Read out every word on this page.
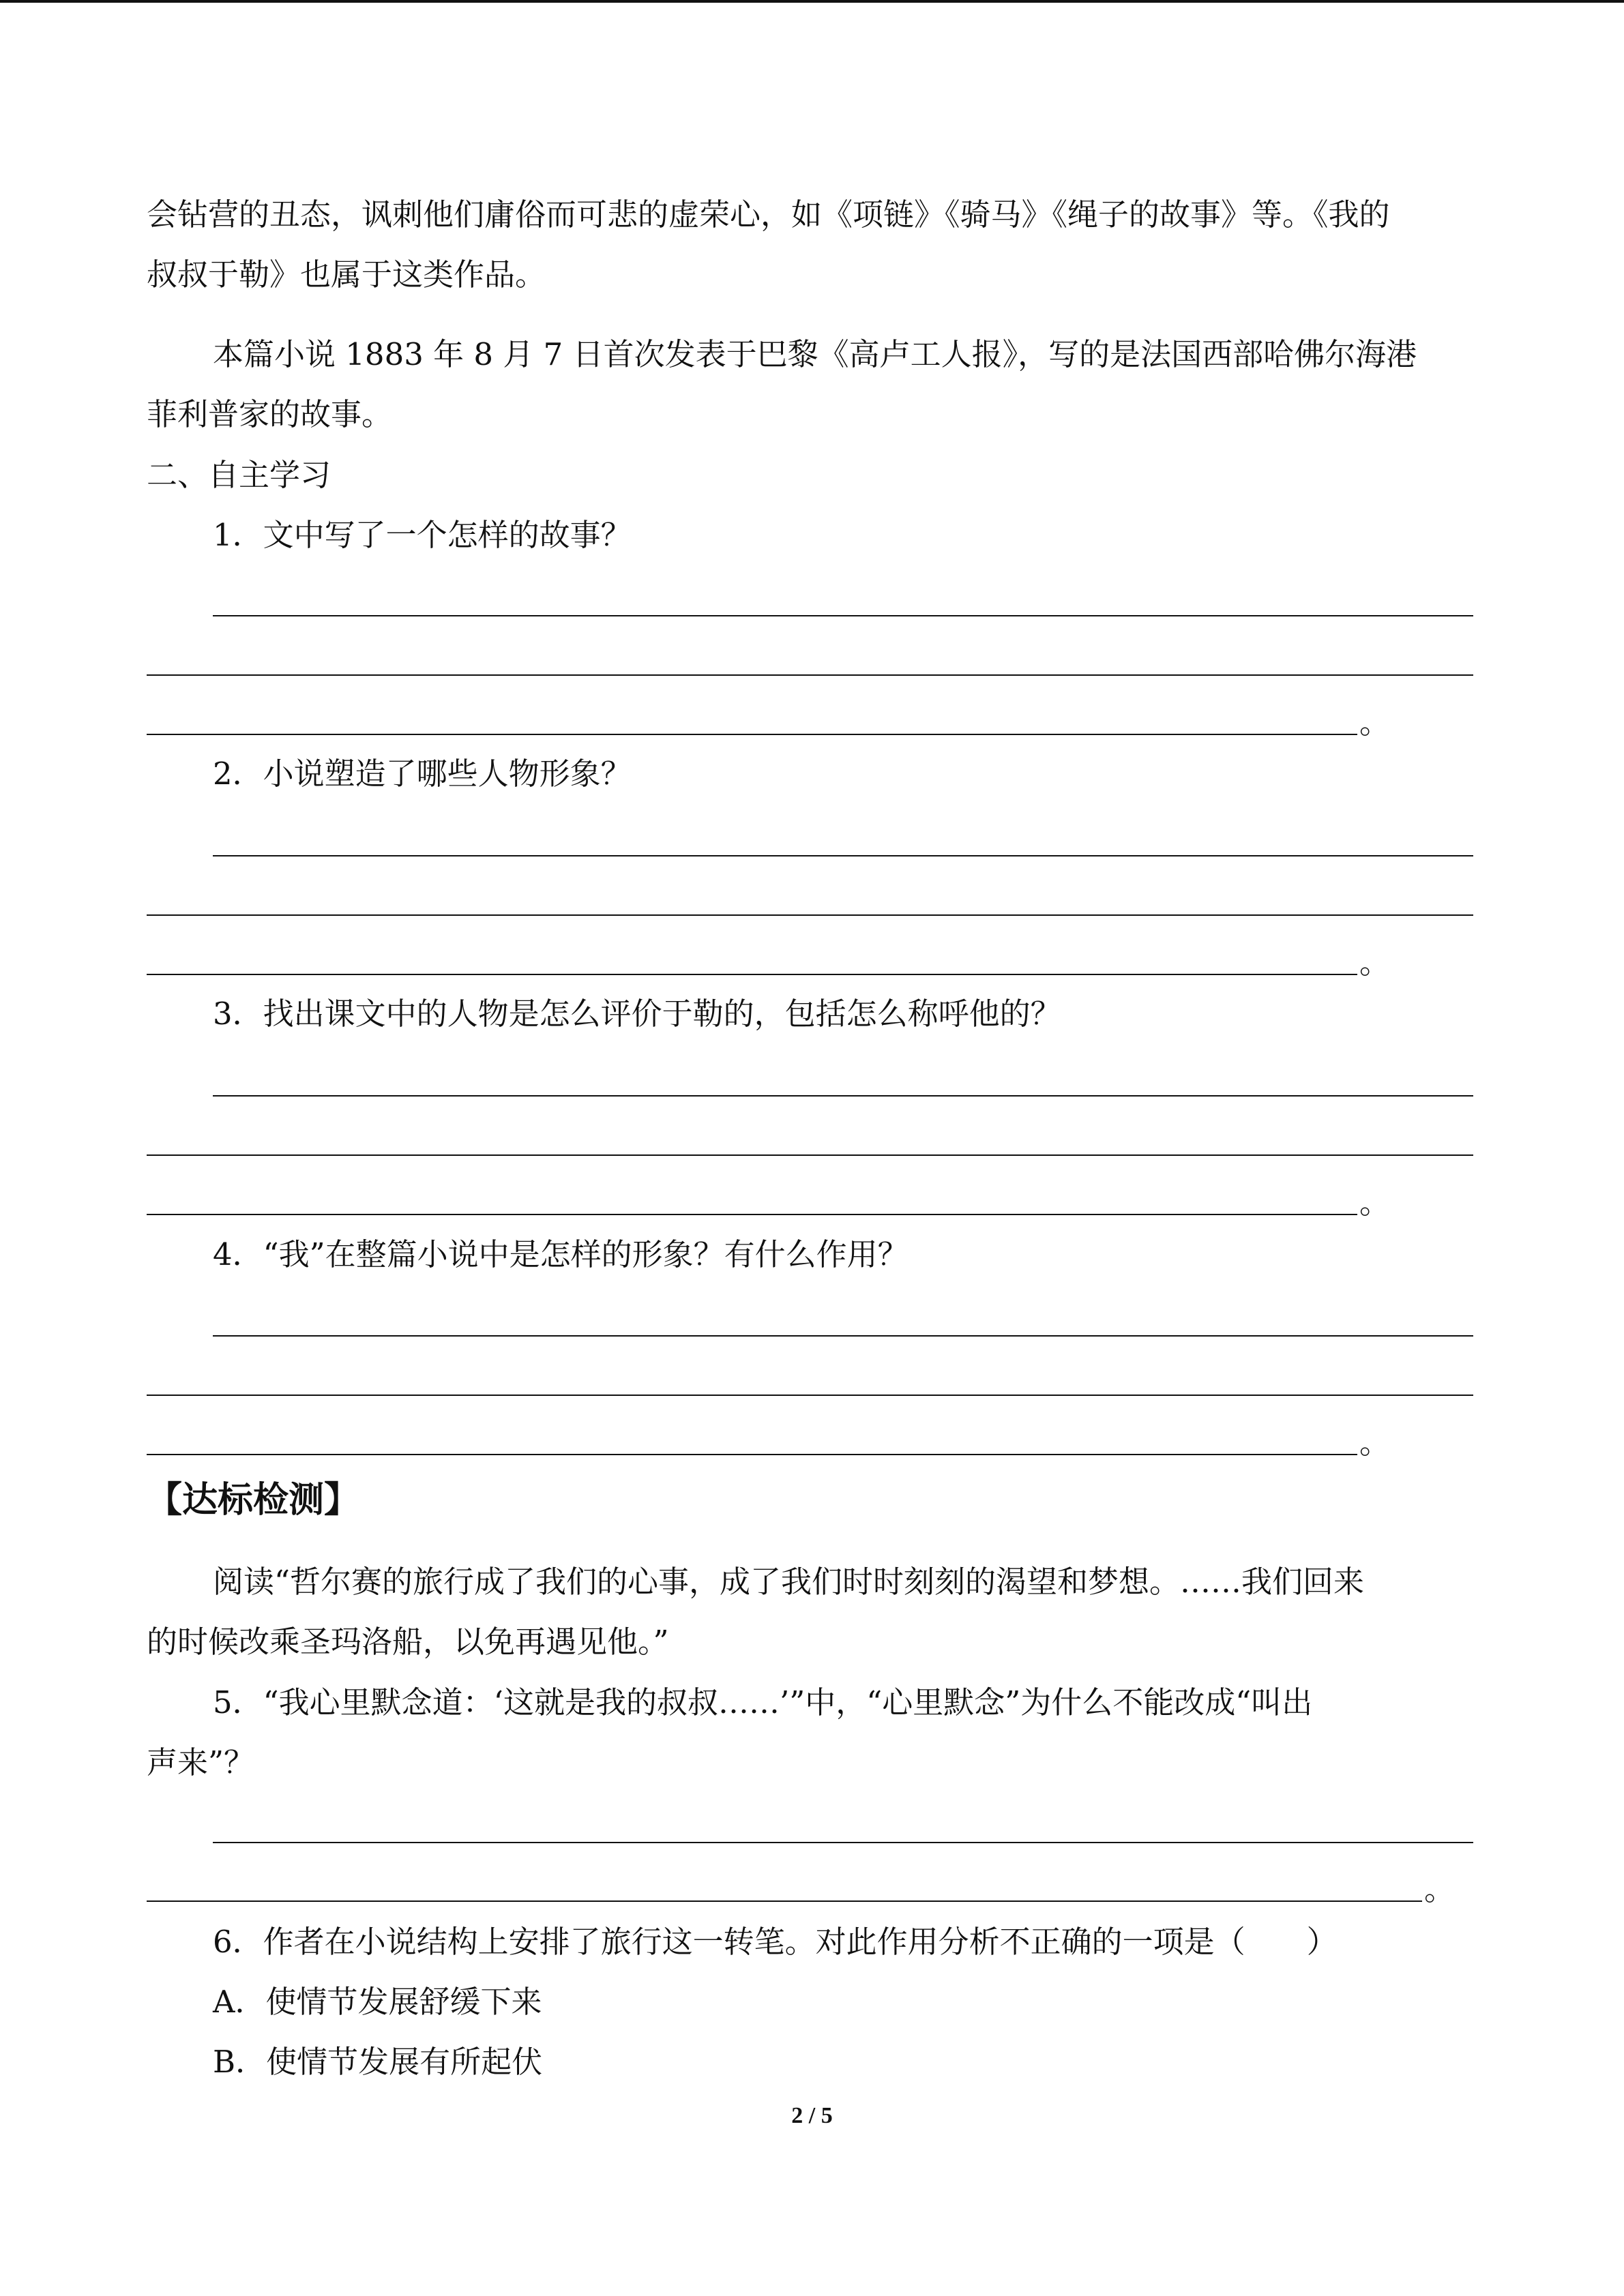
会钻营的丑态，讽刺他们庸俗而可悲的虚荣心，如《项链》《骑马》《绳子的故事》等。《我的
叔叔于勒》也属于这类作品。
本篇小说 1883 年 8 月 7 日首次发表于巴黎《高卢工人报》，写的是法国西部哈佛尔海港
菲利普家的故事。
二、自主学习
1．文中写了一个怎样的故事？
。
2．小说塑造了哪些人物形象？
。
3．找出课文中的人物是怎么评价于勒的，包括怎么称呼他的？
。
4．“我”在整篇小说中是怎样的形象？有什么作用？
。
【达标检测】
阅读“哲尔赛的旅行成了我们的心事，成了我们时时刻刻的渴望和梦想。……我们回来
的时候改乘圣玛洛船，以免再遇见他。”
5．“我心里默念道：‘这就是我的叔叔……’”中，“心里默念”为什么不能改成“叫出
声来”？
。
6．作者在小说结构上安排了旅行这一转笔。对此作用分析不正确的一项是（　　）
A．使情节发展舒缓下来
B．使情节发展有所起伏
2 / 5
